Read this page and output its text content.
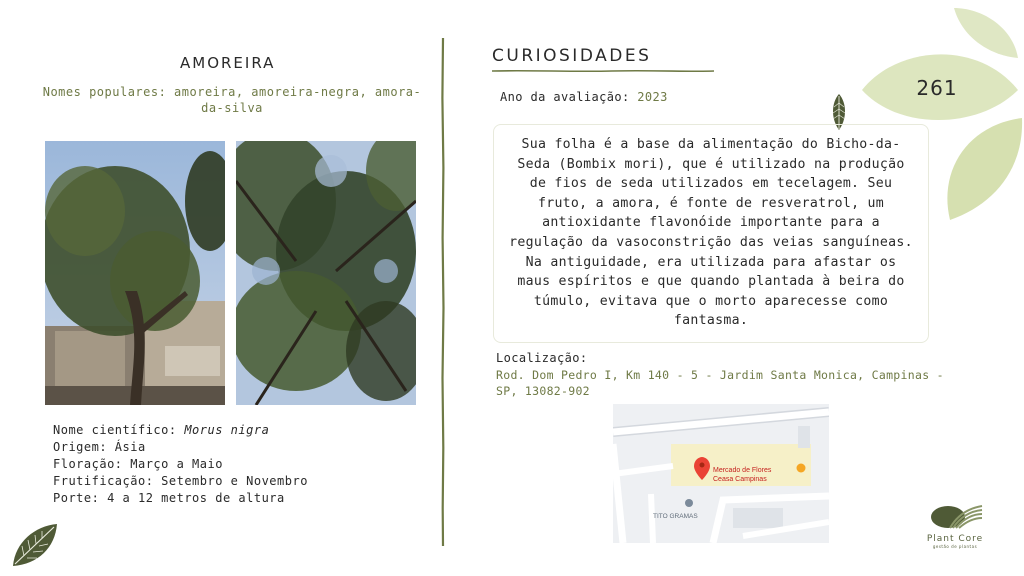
261
AMOREIRA
Nomes populares: amoreira, amoreira-negra, amora-da-silva
Nome científico: Morus nigra
Origem: Ásia
Floração: Março a Maio
Frutificação: Setembro e Novembro
Porte: 4 a 12 metros de altura
CURIOSIDADES
Ano da avaliação: 2023

Sua folha é a base da alimentação do Bicho-da-Seda (Bombix mori), que é utilizado na produção de fios de seda utilizados em tecelagem. Seu fruto, a amora, é fonte de resveratrol, um antioxidante flavonóide importante para a regulação da vasoconstrição das veias sanguíneas. Na antiguidade, era utilizada para afastar os maus espíritos e que quando plantada à beira do túmulo, evitava que o morto aparecesse como fantasma.

Localização:
Rod. Dom Pedro I, Km 140 - 5 - Jardim Santa Monica, Campinas - SP, 13082-902
Mercado de Flores
Ceasa Campinas
TITO GRAMAS
Plant Core
gestão de plantas
